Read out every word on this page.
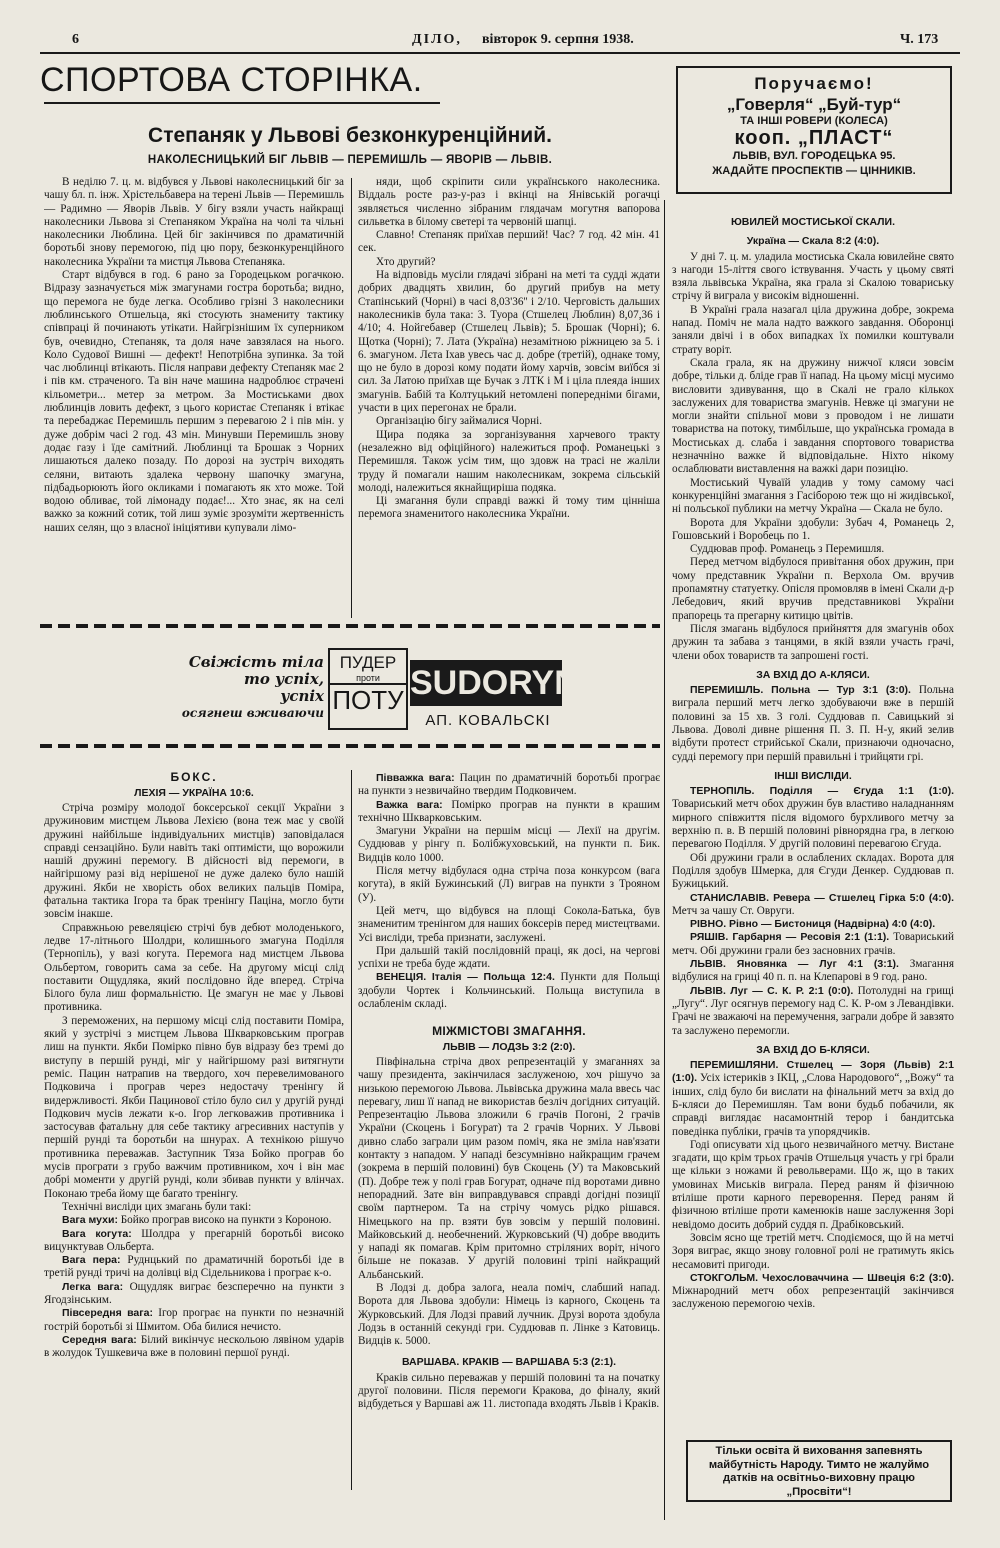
6	ДІЛО, вівторок 9. серпня 1938.	Ч. 173
СПОРТОВА СТОРІНКА.	Поручаємо!
„Говерля“ „Буй-тур“
ТА ІНШІ РОВЕРИ (КОЛЕСА)
кооп. „ПЛАСТ“
ЛЬВІВ, ВУЛ. ГОРОДЕЦЬКА 95.
ЖАДАЙТЕ ПРОСПЕКТІВ — ЦІННИКІВ.
Степаняк у Львові безконкуренційний.
НАКОЛЕСНИЦЬКИЙ БІГ ЛЬВІВ — ПЕРЕМИШЛЬ — ЯВОРІВ — ЛЬВІВ.

В неділю 7. ц. м. відбувся у Львові наколесницький біг за чашу бл. п. інж. Хрістельбавера на терені Львів — Перемишль — Радимно — Яворів Львів. У бігу взяли участь найкращі наколесники Львова зі Степаняком Україна на чолі та чільні наколесники Люблина. Цей біг закінчився по драматичній боротьбі знову перемогою, під цю пору, безконкуренційного наколесника України та мистця Львова Степаняка.

Старт відбувся в год. 6 рано за Городецьком рогачкою. Відразу зазначується між змагунами гостра боротьба; видно, що перемога не буде легка. Особливо грізні 3 наколесники люблинського Отшельца, які стосують знамениту тактику співпраці й починають утікати. Найгрізнішим їх суперником був, очевидно, Степаняк, та доля наче завзялася на нього. Коло Судової Вишні — дефект! Непотрібна зупинка. За той час люблинці втікають. Після направи дефекту Степаняк має 2 і пів км. страченого. Та він наче машина надроблює страчені кільометри... метер за метром. За Мостиськами двох люблинців ловить дефект, з цього користає Степаняк і втікає та перебаджає Перемишль першим з перевагою 2 і пів мін. у дуже добрім часі 2 год. 43 мін. Минувши Перемишль знову додає газу і їде самітний. Люблинці та Брошак з Чорних лишаються далеко позаду. По дорозі на зустріч виходять селяни, витають здалека червону шапочку змагуна, підбадьорюють його окликами і помагають як хто може. Той водою обливає, той лімонаду подає!... Хто знає, як на селі важко за кожний сотик, той лиш зуміє зрозуміти жертвенність наших селян, що з власної ініціятиви купували лімо-

няди, щоб скріпити сили українського наколесника. Віддаль росте раз-у-раз і вкінці на Янівській рогачці зявляється численно зібраним глядачам могутня вапорова сильветка в білому светері та червоній шапці.

Славно! Степаняк приїхав перший! Час? 7 год. 42 мін. 41 сек.

Хто другий?

На відповідь мусіли глядачі зібрані на меті та судді ждати добрих двадцять хвилин, бо другий прибув на мету Стапінський (Чорні) в часі 8,03'36'' і 2/10. Черговість дальших наколесників була така: 3. Туора (Стшелец Люблин) 8,07,36 і 4/10; 4. Нойгебавер (Стшелец Львів); 5. Брошак (Чорні); 6. Щотка (Чорні); 7. Лата (Україна) незамітною ріжницею за 5. і 6. змагуном. Лєта Іхав увесь час д. добре (третій), однаке тому, що не було в дорозі кому подати йому харчів, зовсім виїбся зі сил. За Латою приїхав ще Бучак з ЛТК і М і ціла плеяда інших змагунів. Бабій та Колтуцький нетомлені попередніми бігами, участи в цих перегонах не брали.

Організацію бігу займалися Чорні.

Щира подяка за зорганізування харчевого тракту (незалежно від офіційного) належиться проф. Романецькі з Перемишля. Також усім тим, що здовж на трасі не жаліли труду й помагали нашим наколесникам, зокрема сільській молоді, належиться якнайщиріша подяка.

Ці змагання були справді важкі й тому тим цінніша перемога знаменитого наколесника України.

Свіжість тіла
то успіх,
успіх
осягнеш вживаючи
ПУДЕР
проти
ПОТУ SUDORYN
АП. КОВАЛЬСКІ
БОКС.
ЛЕХІЯ — УКРАЇНА 10:6.

Стріча розміру молодої боксерської секції України з дружиновим мистцем Львова Лехією (вона теж має у своїй дружині найбільше індивідуальних мистців) заповідалася справді сензаційно. Були навіть такі оптимісти, що ворожили нашій дружині перемогу. В дійсності від перемоги, в найгіршому разі від нерішеної не дуже далеко було нашій дружині. Якби не хворість обох великих пальців Поміра, фатальна тактика Ігора та брак тренінгу Паціна, могло бути зовсім інакше.

Справжньою ревеляцією стрічі був дебют молоденького, ледве 17-літнього Шолдри, колишнього змагуна Поділля (Тернопіль), у вазі когута. Перемога над мистцем Львова Ольбертом, говорить сама за себе. На другому місці слід поставити Ощудляка, який послідовно йде вперед. Стріча Білого була лиш формальністю. Це змагун не має у Львові противника.

З переможених, на першому місці слід поставити Поміра, який у зустрічі з мистцем Львова Шкварковським програв лиш на пункти. Якби Помірко півно був відразу без тремі до виступу в першій рунді, міг у найгіршому разі витягнути реміс. Пацин натрапив на твердого, хоч перевелимованого Подковича і програв через недостачу тренінгу й видержливості. Якби Пацинової стіло було сил у другій рунді Подкович мусів лежати к-о. Ігор легковажив противника і застосував фатальну для себе тактику агресивних наступів у першій рунді та боротьби на шнурах. А технікою рішучо противника переважав. Заступник Тяза Бойко програв бо мусів програти з грубо важчим противником, хоч і він має добрі моменти у другій рунді, коли збивав пункти у влінчах. Поконаю треба йому ще багато тренінгу.

Технічні висліди цих змагань були такі:

Вага мухи: Бойко програв високо на пункти з Короною.

Вага когута: Шолдра у прегарній боротьбі високо вицунктував Ольберта.

Вага пера: Руднцький по драматичній боротьбі іде в третій рунді тричі на долівці від Сідельникова і програє к-о.

Легка вага: Ощудляк виграє безсперечно на пункти з Ягодзінським.

Півсередня вага: Ігор програє на пункти по незначній гострій боротьбі зі Шмитом. Оба билися нечисто.

Середня вага: Білий викінчує нескольою лявіном ударів в жолудок Тушкевича вже в половині першої рунді.

Півважка вага: Пацин по драматичній боротьбі програє на пункти з незвичайно твердим Подковичем.

Важка вага: Помірко програв на пункти в крашим технічно Шкварковським.

Змагуни України на першім місці — Лехії на другім. Суддював у рінгу п. Болібжуховський, на пункти п. Бик. Видців коло 1000.

Після метчу відбулася одна стріча поза конкурсом (вага когута), в якій Бужинський (Л) виграв на пункти з Трояном (У).

Цей метч, що відбувся на площі Сокола-Батька, був знаменитим тренінгом для наших боксерів перед мистецтвами. Усі висліди, треба признати, заслужені.

При дальшій такій послідовній праці, як досі, на чергові успіхи не треба буде ждати.

ВЕНЕЦІЯ. Італія — Польща 12:4. Пункти для Польщі здобули Чортек і Кольчинський. Польща виступила в ослабленім складі.

МІЖМІСТОВІ ЗМАГАННЯ.
ЛЬВІВ — ЛОДЗЬ 3:2 (2:0).

Півфінальна стріча двох репрезентацій у змаганнях за чашу президента, закінчилася заслуженою, хоч рішучо за низькою перемогою Львова. Львівська дружина мала ввесь час перевагу, лиш її напад не використав безліч догідних ситуацій. Репрезентацію Львова зложили 6 грачів Погоні, 2 грачів України (Скоцень і Богурат) та 2 грачів Чорних. У Львові дивно слабо заграли цим разом поміч, яка не зміла нав'язати контакту з нападом. У нападі безсумнівно найкращим грачем (зокрема в першій половині) був Скоцень (У) та Маковський (П). Добре теж у полі грав Богурат, одначе під воротами дивно непорадний. Зате він виправдувався справді догідні позиції своїм партнером. Та на стрічу чомусь рідко рішався. Німецького на пр. взяти був зовсім у першій половині. Майковський д. необечнений. Журковський (Ч) добре вводить у нападі як помагав. Крім притомно стріляних воріт, нічого більше не показав. У другій половині тріпі найкращий Альбанський.

В Лодзі д. добра залога, неала поміч, слабший напад. Ворота для Львова здобули: Німець із карного, Скоцень та Журковський. Для Лодзі правий лучник. Друзі ворота здобула Лодзь в останній секунді гри. Суддював п. Лінке з Катовиць. Видців к. 5000.

ВАРШАВА. КРАКІВ — ВАРШАВА 5:3 (2:1).

Краків сильно переважав у першій половині та на початку другої половини. Після перемоги Кракова, до фіналу, який відбудеться у Варшаві аж 11. листопада входять Львів і Краків.

ЮВИЛЕЙ МОСТИСЬКОЇ СКАЛИ.
Україна — Скала 8:2 (4:0).

У дні 7. ц. м. уладила мостиська Скала ювилейне свято з нагоди 15-ліття свого іствування. Участь у цьому святі взяла львівська Україна, яка грала зі Скалою товариську стрічу й виграла у високім відношенні.

В Україні грала назагал ціла дружина добре, зокрема напад. Поміч не мала надто важкого завдання. Оборонці заняли двічі і в обох випадках їх помилки коштували страту воріт.

Скала грала, як на дружину нижчої кляси зовсім добре, тільки д. бліде грав її напад. На цьому місці мусимо висловити здивування, що в Скалі не грало кількох заслужених для товариства змагунів. Невже ці змагуни не могли знайти спільної мови з проводом і не лишати товариства на потоку, тимбільше, що українська громада в Мостиськах д. слаба і завдання спортового товариства незначніно важке й відповідальне. Ніхто нікому ослаблювати виставлення на важкі дари позицію.

Мостиський Чуваїй уладив у тому самому часі конкуренційні змагання з Гасіборою теж що ні жидівської, ні польської публики на метчу Україна — Скала не було.

Ворота для України здобули: Зубач 4, Романець 2, Гошовський і Воробець по 1.

Суддював проф. Романець з Перемишля.

Перед метчом відбулося привітання обох дружин, при чому представник України п. Верхола Ом. вручив пропамятну статуетку. Опісля промовляв в імені Скали д-р Лебедович, який вручив представникові України прапорець та прегарну китицю цвітів.

Після змагань відбулося прийняття для змагунів обох дружин та забава з танцями, в якій взяли участь грачі, члени обох товариств та запрошені гості.

ЗА ВХІД ДО А-КЛЯСИ.

ПЕРЕМИШЛЬ. Польна — Тур 3:1 (3:0). Польна виграла перший метч легко здобуваючи вже в першій половині за 15 хв. 3 голі. Суддював п. Савицький зі Львова. Доволі дивне рішення П. З. П. Н-у, який зелив відбути протест стрийської Скали, признаючи одночасно, судді перемогу при першій правильні і трийцяти грі.

ІНШІ ВИСЛІДИ.

ТЕРНОПІЛЬ. Поділля — Єгуда 1:1 (1:0). Товариський метч обох дружин був властиво наладнанням мирного співжиття після відомого бурхливого метчу за верхнію п. в. В першій половині рівнорядна гра, в легкою перевагою Поділля. У другій половині перевагою Єгуда.

Обі дружини грали в ослаблених складах. Ворота для Поділля здобув Шмерка, для Єгуди Денкер. Суддював п. Бужицький.

СТАНИСЛАВІВ. Ревера — Стшелец Гірка 5:0 (4:0). Метч за чашу Ст. Овруги.

РІВНО. Рівно — Бистониця (Надвірна) 4:0 (4:0).

РЯШІВ. Гарбарня — Ресовія 2:1 (1:1). Товариський метч. Обі дружини грали без засновних грачів.

ЛЬВІВ. Яновянка — Луг 4:1 (3:1). Змагання відбулися на гриці 40 п. п. на Клепарові в 9 год. рано.

ЛЬВІВ. Луг — С. К. Р. 2:1 (0:0). Потолудні на грищі „Лугу“. Луг осягнув перемогу над С. К. Р-ом з Левандівки. Грачі не зважаючі на перемучення, заграли добре й завзято та заслужено перемогли.

ЗА ВХІД ДО Б-КЛЯСИ.

ПЕРЕМИШЛЯНИ. Стшелец — Зоря (Львів) 2:1 (1:0). Усіх істериків з ІКЦ, „Слова Народового“, „Вожу“ та інших, слід було би вислати на фінальний метч за вхід до Б-кляси до Перемишлян. Там вони будьб побачили, як справді виглядає насамонтній терор і бандитська поведінка публіки, грачів та упорядчиків.

Годі описувати хід цього незвичайного метчу. Вистане згадати, що крім трьох грачів Отшельця участь у грі брали ще кільки з ножами й револьверами. Що ж, що в таких умовинах Миськів виграла. Перед раням й фізичною втіліше проти карного переворення. Перед раням й фізичною втіліше проти каменюків наше заслуження Зорі невідомо досить добрий суддя п. Драбіковський.

Зовсім ясно ще третій метч. Сподіємося, що й на метчі Зоря виграє, якщо знову головної ролі не гратимуть якісь несамовиті пригоди.

СТОКГОЛЬМ. Чехословаччина — Швеція 6:2 (3:0). Міжнародний метч обох репрезентацій закінчився заслуженою перемогою чехів.

Тільки освіта й виховання запевнять майбутність Народу. Тимто не жалуймо датків на освітньо-виховну працю „Просвіти“!
